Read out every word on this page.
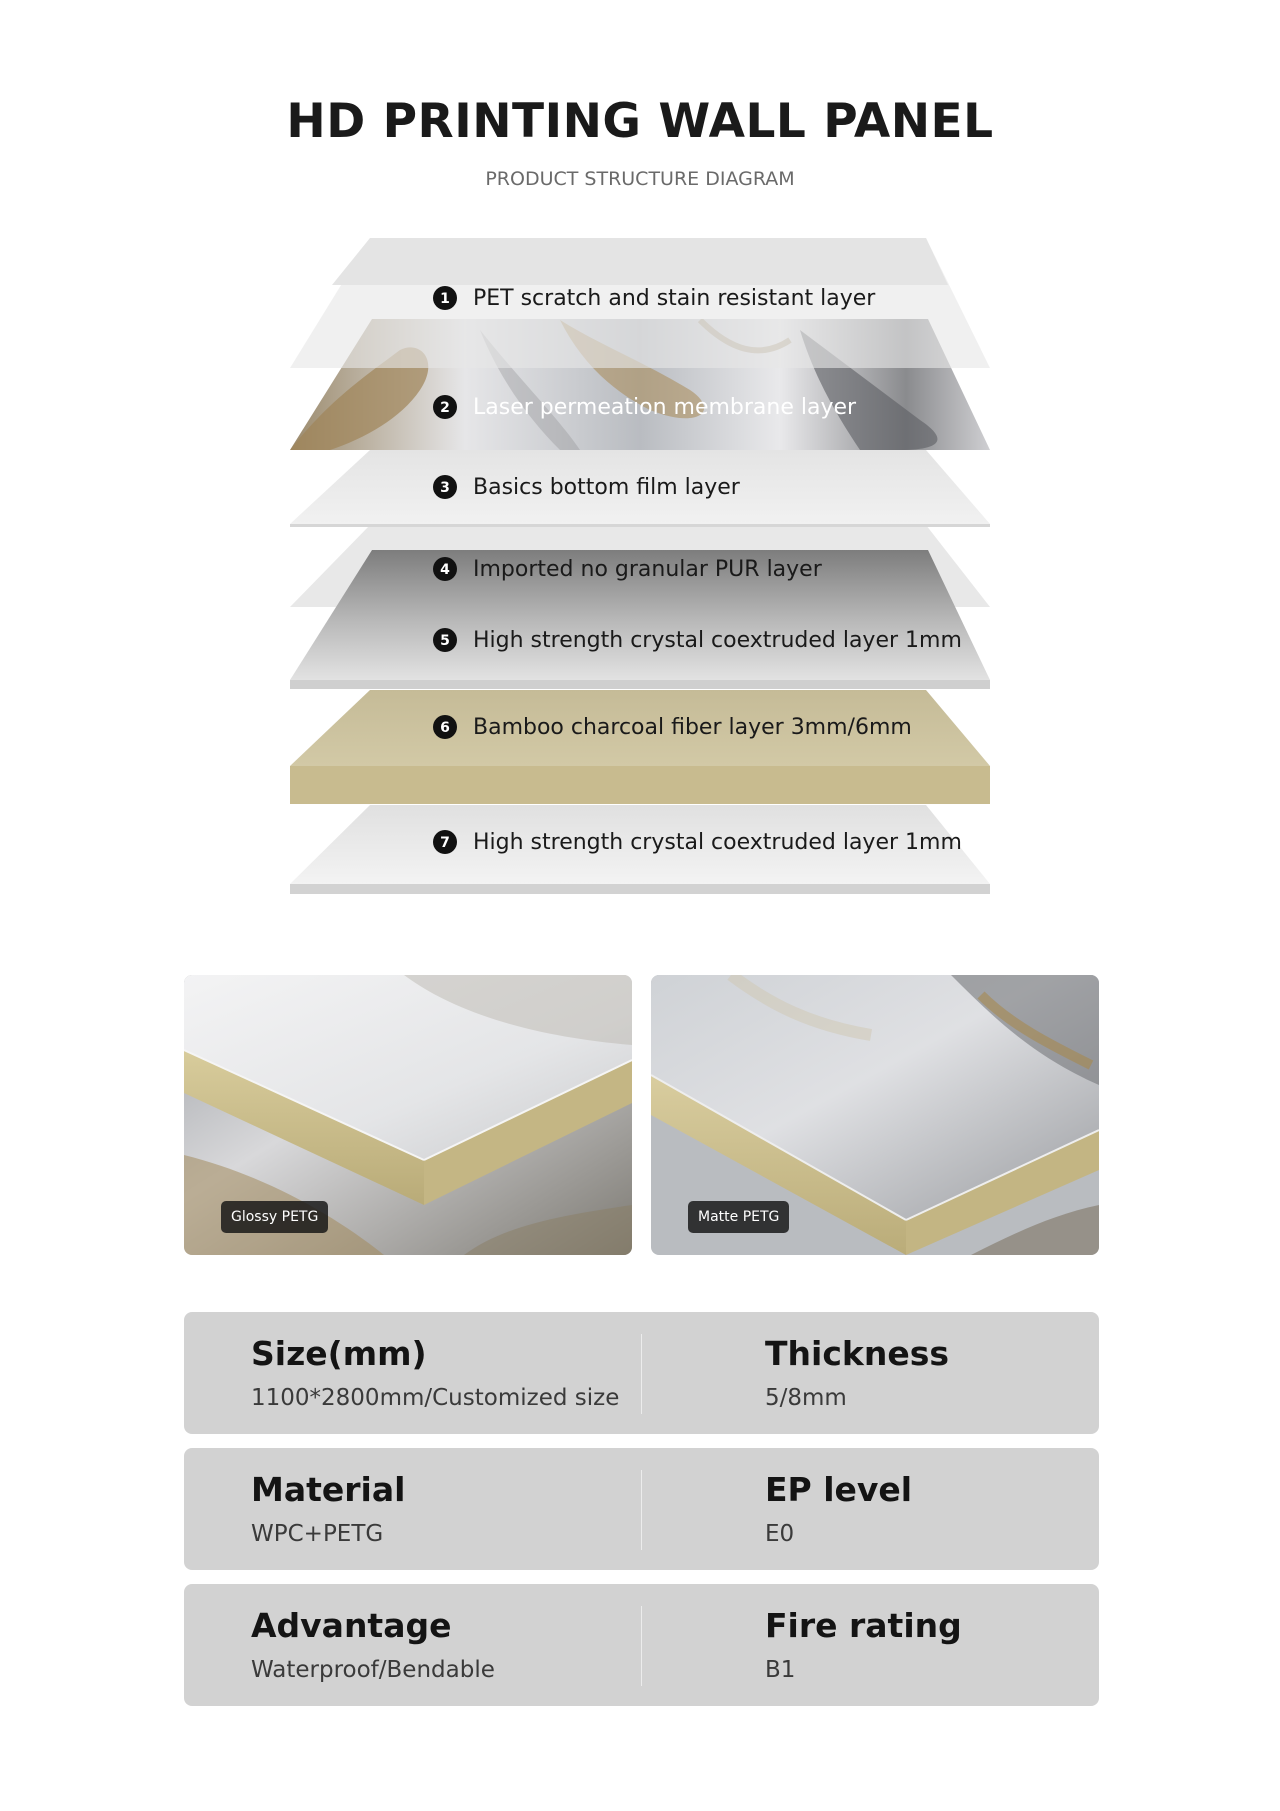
HD PRINTING WALL PANEL
PRODUCT STRUCTURE DIAGRAM
1 PET scratch and stain resistant layer
2 Laser permeation membrane layer
3 Basics bottom film layer
4 Imported no granular PUR layer
5 High strength crystal coextruded layer 1mm
6 Bamboo charcoal fiber layer 3mm/6mm
7 High strength crystal coextruded layer 1mm
Glossy PETG	Matte PETG
Size(mm)
1100*2800mm/Customized size
Thickness
5/8mm
Material
WPC+PETG
EP level
E0
Advantage
Waterproof/Bendable
Fire rating
B1
